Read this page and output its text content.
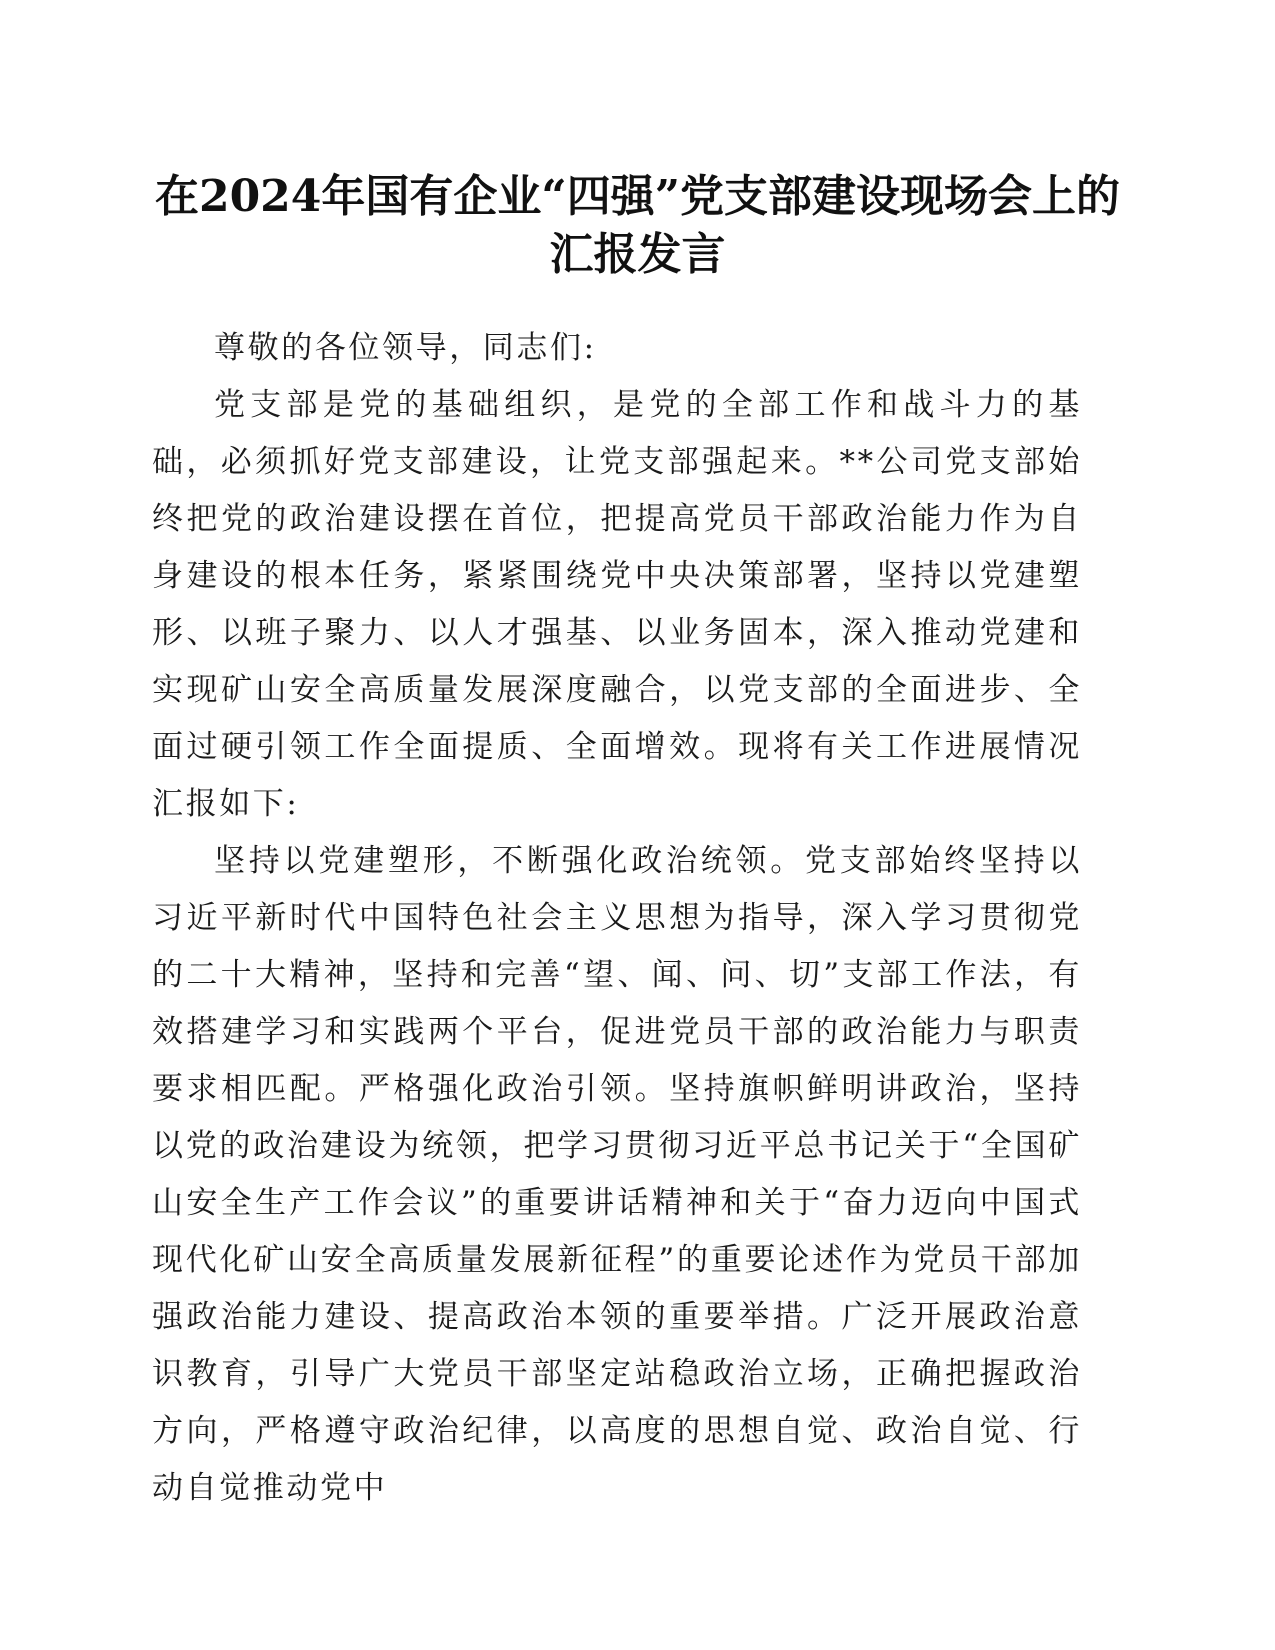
在2024年国有企业“四强”党支部建设现场会上的汇报发言

尊敬的各位领导，同志们:

党支部是党的基础组织，是党的全部工作和战斗力的基础，必须抓好党支部建设，让党支部强起来。**公司党支部始终把党的政治建设摆在首位，把提高党员干部政治能力作为自身建设的根本任务，紧紧围绕党中央决策部署，坚持以党建塑形、以班子聚力、以人才强基、以业务固本，深入推动党建和实现矿山安全高质量发展深度融合，以党支部的全面进步、全面过硬引领工作全面提质、全面增效。现将有关工作进展情况汇报如下:

坚持以党建塑形，不断强化政治统领。党支部始终坚持以习近平新时代中国特色社会主义思想为指导，深入学习贯彻党的二十大精神，坚持和完善“望、闻、问、切”支部工作法，有效搭建学习和实践两个平台，促进党员干部的政治能力与职责要求相匹配。严格强化政治引领。坚持旗帜鲜明讲政治，坚持以党的政治建设为统领，把学习贯彻习近平总书记关于“全国矿山安全生产工作会议”的重要讲话精神和关于“奋力迈向中国式现代化矿山安全高质量发展新征程”的重要论述作为党员干部加强政治能力建设、提高政治本领的重要举措。广泛开展政治意识教育，引导广大党员干部坚定站稳政治立场，正确把握政治方向，严格遵守政治纪律，以高度的思想自觉、政治自觉、行动自觉推动党中
